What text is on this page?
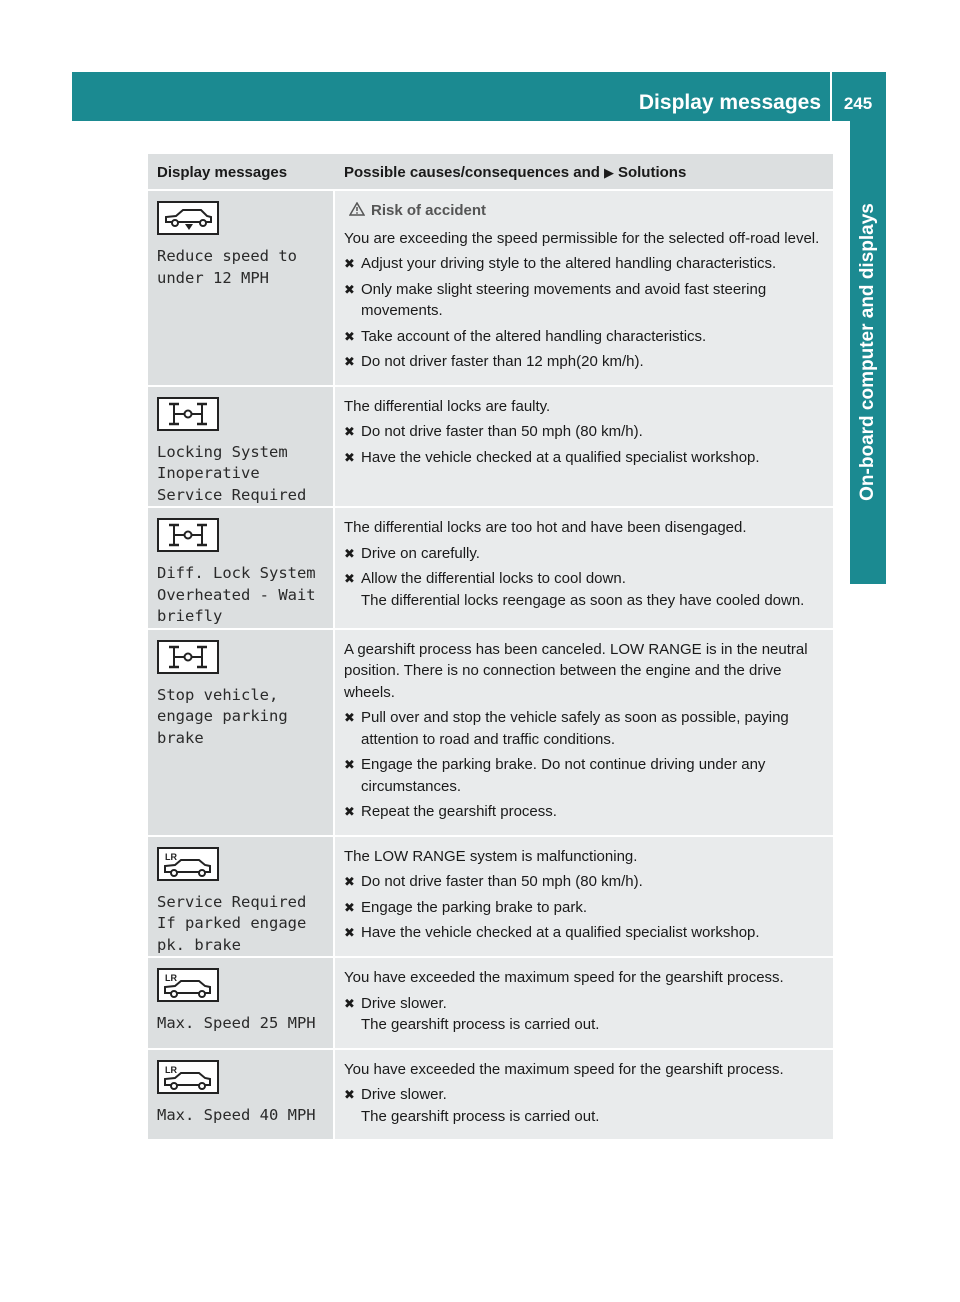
Display messages	245
On-board computer and displays
Display messages	Possible causes/consequences and ▶ Solutions
Reduce speed to
under 12 MPH
Risk of accident
You are exceeding the speed permissible for the selected off-road level.
✖ Adjust your driving style to the altered handling characteristics.
✖ Only make slight steering movements and avoid fast steering movements.
✖ Take account of the altered handling characteristics.
✖ Do not driver faster than 12 mph(20 km/h).
Locking System
Inoperative
Service Required
The differential locks are faulty.
✖ Do not drive faster than 50 mph (80 km/h).
✖ Have the vehicle checked at a qualified specialist workshop.
Diff. Lock System
Overheated - Wait
briefly
The differential locks are too hot and have been disengaged.
✖ Drive on carefully.
✖ Allow the differential locks to cool down.
The differential locks reengage as soon as they have cooled down.
Stop vehicle,
engage parking
brake
A gearshift process has been canceled. LOW RANGE is in the neutral position. There is no connection between the engine and the drive wheels.
✖ Pull over and stop the vehicle safely as soon as possible, paying attention to road and traffic conditions.
✖ Engage the parking brake. Do not continue driving under any circumstances.
✖ Repeat the gearshift process.
LR
Service Required
If parked engage
pk. brake
The LOW RANGE system is malfunctioning.
✖ Do not drive faster than 50 mph (80 km/h).
✖ Engage the parking brake to park.
✖ Have the vehicle checked at a qualified specialist workshop.
LR
Max. Speed 25 MPH
You have exceeded the maximum speed for the gearshift process.
✖ Drive slower.
The gearshift process is carried out.
LR
Max. Speed 40 MPH
You have exceeded the maximum speed for the gearshift process.
✖ Drive slower.
The gearshift process is carried out.
